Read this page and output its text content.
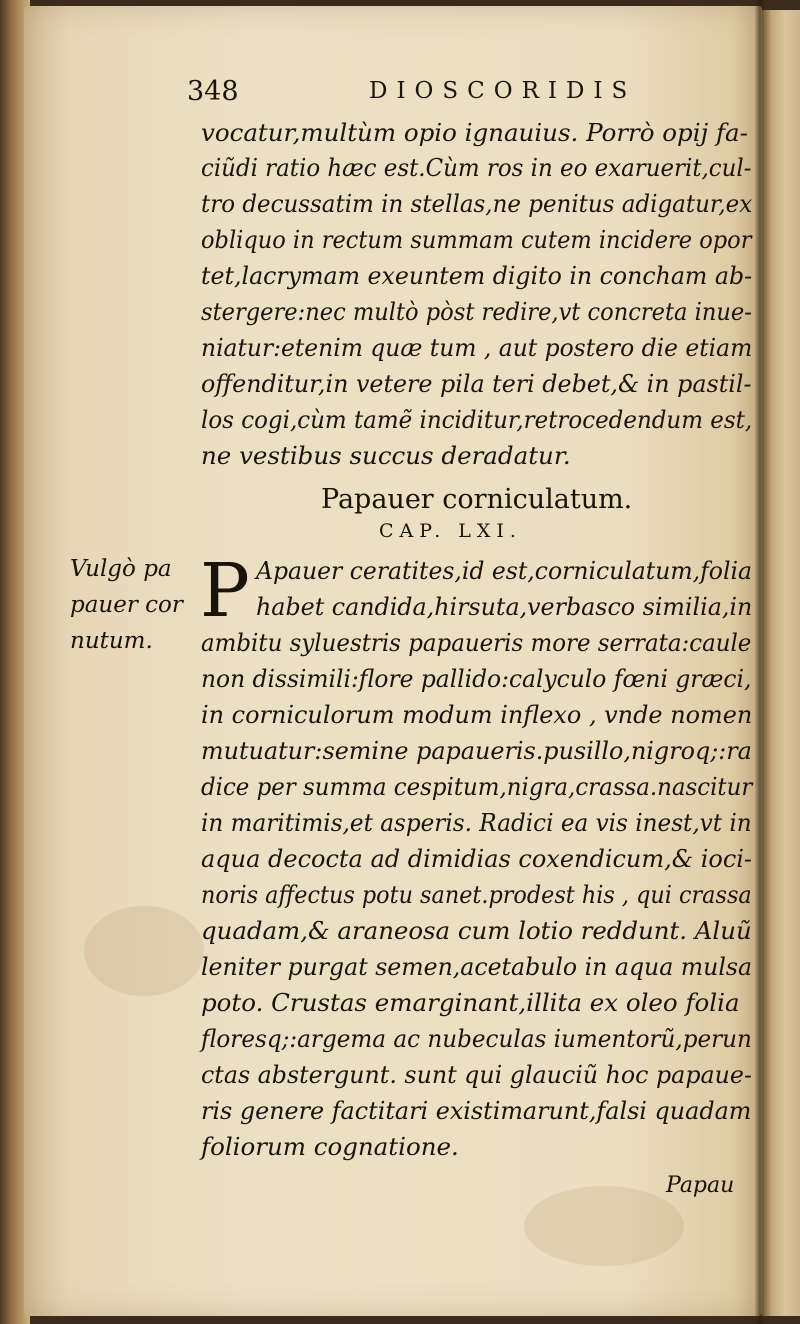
348	DIOSCORIDIS
vocatur,multùm opio ignauius. Porrò opij fa-
ciũdi ratio hæc est.Cùm ros in eo exaruerit,cul-
tro decussatim in stellas,ne penitus adigatur,ex
obliquo in rectum summam cutem incidere opor
tet,lacrymam exeuntem digito in concham ab-
stergere:nec multò pòst redire,vt concreta inue-
niatur:etenim quæ tum , aut postero die etiam
offenditur,in vetere pila teri debet,& in pastil-
los cogi,cùm tamẽ inciditur,retrocedendum est,
ne vestibus succus deradatur.
Papauer corniculatum.
CAP. LXI.
Vulgò pa
pauer cor
nutum.
P Apauer ceratites,id est,corniculatum,folia
habet candida,hirsuta,verbasco similia,in
ambitu syluestris papaueris more serrata:caule
non dissimili:flore pallido:calyculo fœni græci,
in corniculorum modum inflexo , vnde nomen
mutuatur:semine papaueris.pusillo,nigroq;:ra
dice per summa cespitum,nigra,crassa.nascitur
in maritimis,et asperis. Radici ea vis inest,vt in
aqua decocta ad dimidias coxendicum,& ioci-
noris affectus potu sanet.prodest his , qui crassa
quadam,& araneosa cum lotio reddunt. Aluũ
leniter purgat semen,acetabulo in aqua mulsa
poto. Crustas emarginant,illita ex oleo folia
floresq;:argema ac nubeculas iumentorũ,perun
ctas abstergunt. sunt qui glauciũ hoc papaue-
ris genere factitari existimarunt,falsi quadam
foliorum cognatione.
Papau
